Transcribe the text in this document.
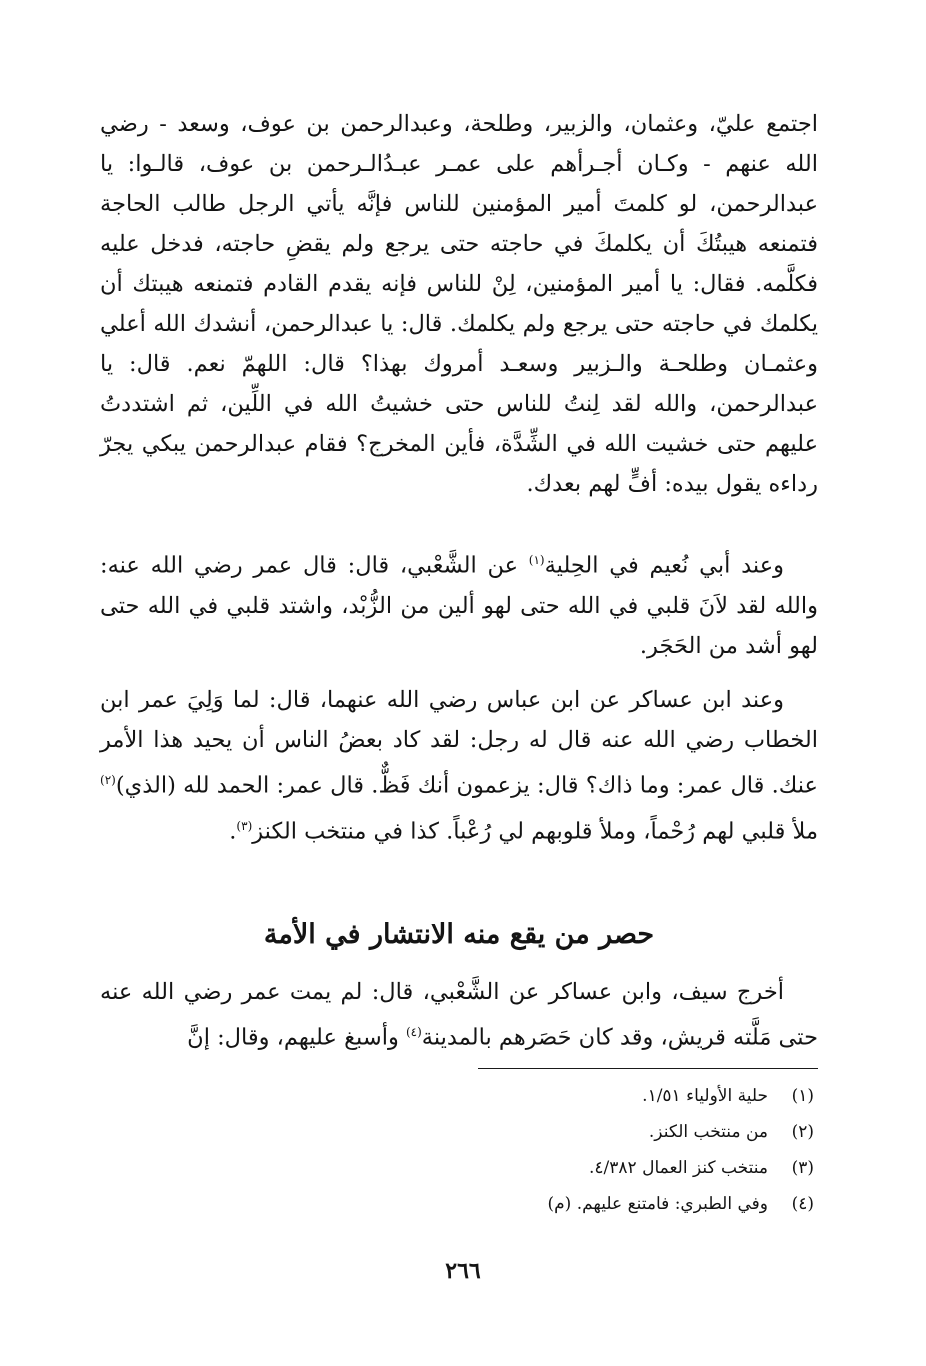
اجتمع عليّ، وعثمان، والزبير، وطلحة، وعبدالرحمن بن عوف، وسعد - رضي الله عنهم - وكـان أجـرأهم على عمـر عبـدُالـرحمن بن عوف، قالـوا: يا عبدالرحمن، لو كلمتَ أمير المؤمنين للناس فإنَّه يأتي الرجل طالب الحاجة فتمنعه هيبتُكَ أن يكلمكَ في حاجته حتى يرجع ولم يقضِ حاجته، فدخل عليه فكلَّمه. فقال: يا أمير المؤمنين، لِنْ للناس فإنه يقدم القادم فتمنعه هيبتك أن يكلمك في حاجته حتى يرجع ولم يكلمك. قال: يا عبدالرحمن، أنشدك الله أعلي وعثمـان وطلحـة والـزبير وسعـد أمروك بهذا؟ قال: اللهمّ نعم. قال: يا عبدالرحمن، والله لقد لِنتُ للناس حتى خشيتُ الله في اللِّين، ثم اشتددتُ عليهم حتى خشيت الله في الشِّدَّة، فأين المخرج؟ فقام عبدالرحمن يبكي يجرّ رداءه يقول بيده: أفٍّ لهم بعدك.

وعند أبي نُعيم في الحِلية$^{(١)}$ عن الشَّعْبي، قال: قال عمر رضي الله عنه: والله لقد لاَنَ قلبي في الله حتى لهو ألين من الزُّبْد، واشتد قلبي في الله حتى لهو أشد من الحَجَر.

وعند ابن عساكر عن ابن عباس رضي الله عنهما، قال: لما وَلِيَ عمر ابن الخطاب رضي الله عنه قال له رجل: لقد كاد بعضُ الناس أن يحيد هذا الأمر عنك. قال عمر: وما ذاك؟ قال: يزعمون أنك فَظٌّ. قال عمر: الحمد لله (الذي)$^{(٢)}$ ملأ قلبي لهم رُحْماً، وملأ قلوبهم لي رُعْباً. كذا في منتخب الكنز$^{(٣)}$.

حصر من يقع منه الانتشار في الأمة

أخرج سيف، وابن عساكر عن الشَّعْبي، قال: لم يمت عمر رضي الله عنه حتى مَلَّته قريش، وقد كان حَصَرهم بالمدينة$^{(٤)}$ وأسبغ عليهم، وقال: إنَّ

(١)حلية الأولياء ١/٥١.
(٢)من منتخب الكنز.
(٣)منتخب كنز العمال ٤/٣٨٢.
(٤)وفي الطبري: فامتنع عليهم. (م)
٢٦٦
